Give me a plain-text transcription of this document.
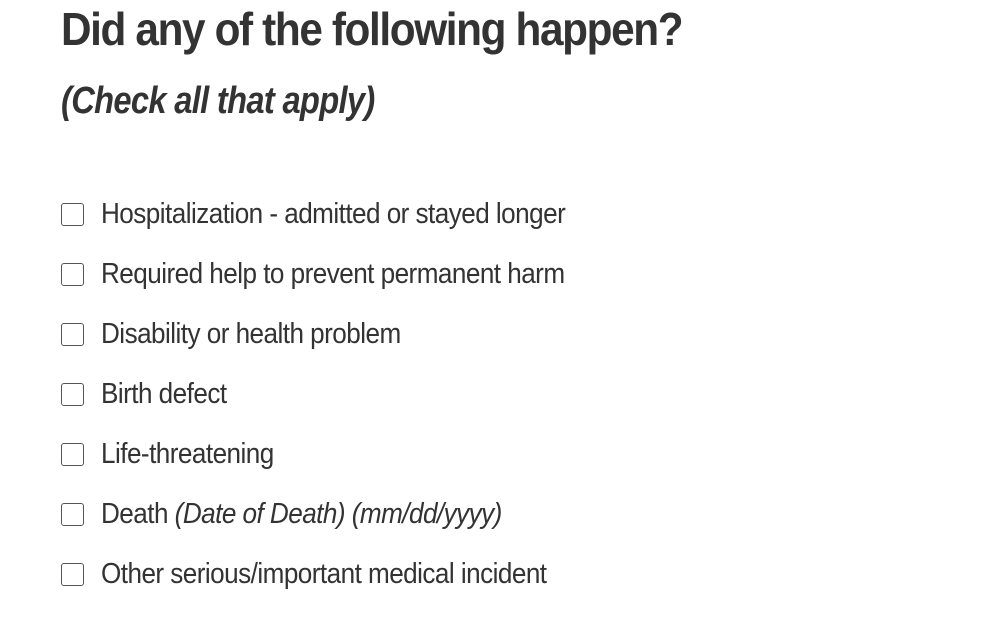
Did any of the following happen?
(Check all that apply)
Hospitalization - admitted or stayed longer
Required help to prevent permanent harm
Disability or health problem
Birth defect
Life-threatening
Death (Date of Death) (mm/dd/yyyy)
Other serious/important medical incident
